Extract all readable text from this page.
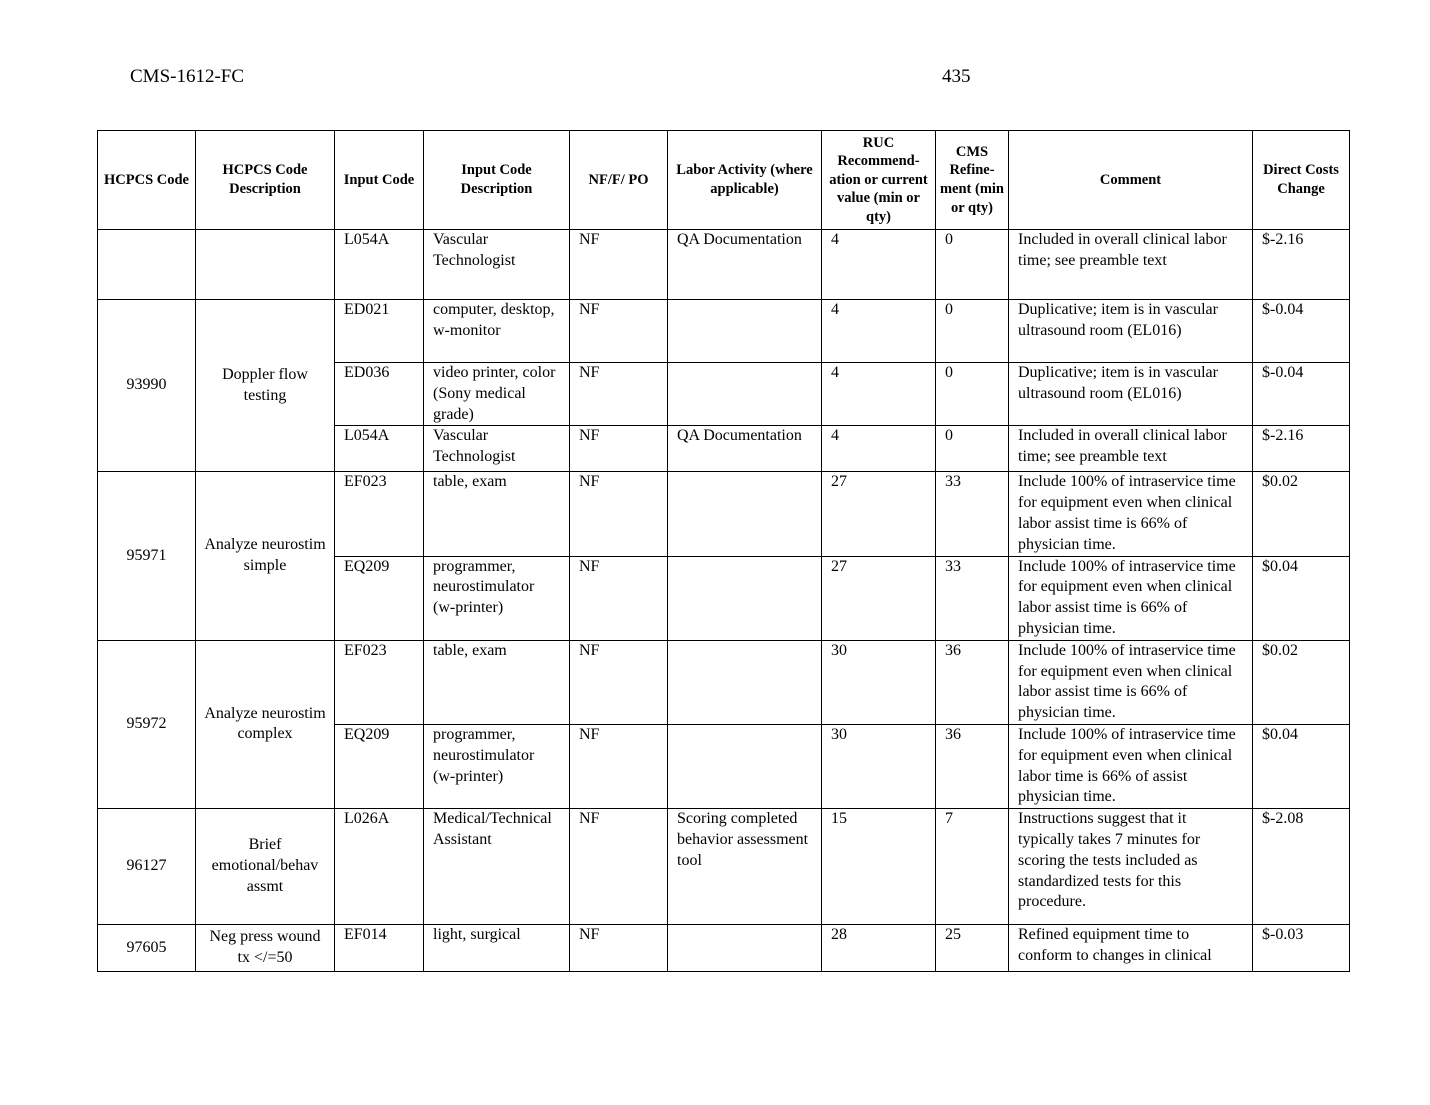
CMS-1612-FC	435
HCPCS Code	HCPCS Code Description	Input Code	Input Code Description	NF/F/ PO	Labor Activity (where applicable)	RUC Recommend-ation or current value (min or qty)	CMS Refine-ment (min or qty)	Comment	Direct Costs Change
		L054A	Vascular Technologist	NF	QA Documentation	4	0	Included in overall clinical labor time; see preamble text	$-2.16
93990	Doppler flow testing	ED021	computer, desktop, w-monitor	NF		4	0	Duplicative; item is in vascular ultrasound room (EL016)	$-0.04
		ED036	video printer, color (Sony medical grade)	NF		4	0	Duplicative; item is in vascular ultrasound room (EL016)	$-0.04
		L054A	Vascular Technologist	NF	QA Documentation	4	0	Included in overall clinical labor time; see preamble text	$-2.16
95971	Analyze neurostim simple	EF023	table, exam	NF		27	33	Include 100% of intraservice time for equipment even when clinical labor assist time is 66% of physician time.	$0.02
		EQ209	programmer, neurostimulator (w-printer)	NF		27	33	Include 100% of intraservice time for equipment even when clinical labor assist time is 66% of physician time.	$0.04
95972	Analyze neurostim complex	EF023	table, exam	NF		30	36	Include 100% of intraservice time for equipment even when clinical labor assist time is 66% of physician time.	$0.02
		EQ209	programmer, neurostimulator (w-printer)	NF		30	36	Include 100% of intraservice time for equipment even when clinical labor time is 66% of assist physician time.	$0.04
96127	Brief emotional/behav assmt	L026A	Medical/Technical Assistant	NF	Scoring completed behavior assessment tool	15	7	Instructions suggest that it typically takes 7 minutes for scoring the tests included as standardized tests for this procedure.	$-2.08
97605	Neg press wound tx </=50	EF014	light, surgical	NF		28	25	Refined equipment time to conform to changes in clinical	$-0.03
